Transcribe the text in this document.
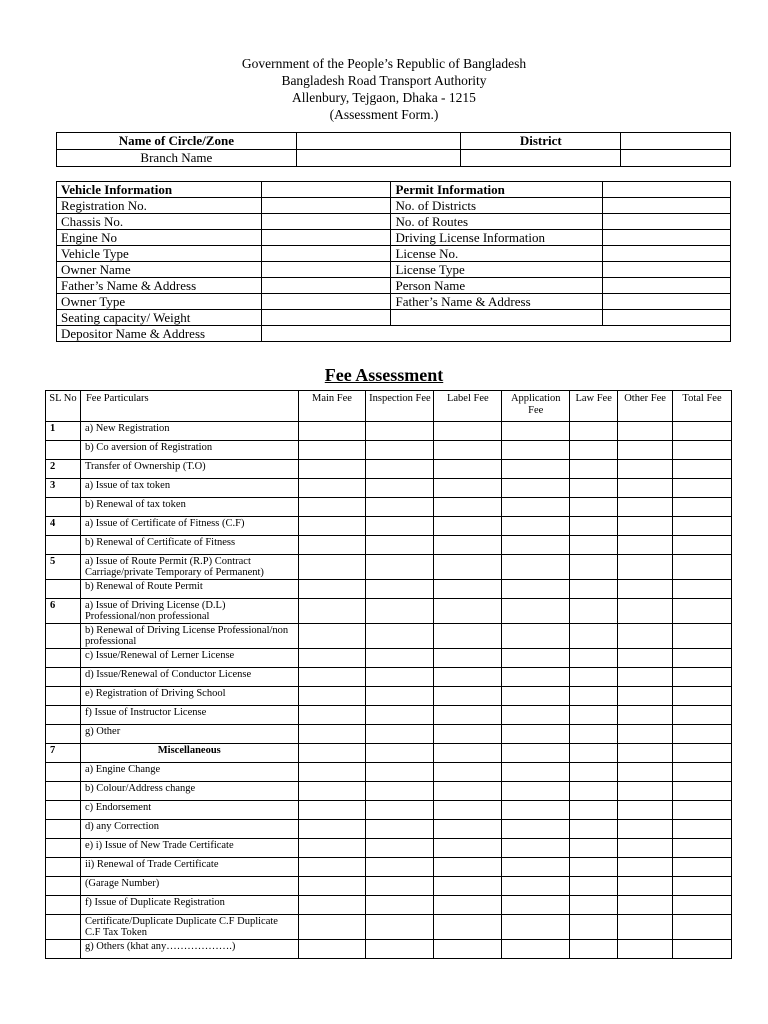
Government of the People’s Republic of Bangladesh
Bangladesh Road Transport Authority
Allenbury, Tejgaon, Dhaka - 1215
(Assessment Form.)
Name of Circle/Zone		District	
Branch Name			
Vehicle Information		Permit Information	
Registration No.		No. of Districts	
Chassis No.		No. of Routes	
Engine No		Driving License Information	
Vehicle Type		License No.	
Owner Name		License Type	
Father’s Name & Address		Person Name	
Owner Type		Father’s Name & Address	
Seating capacity/ Weight			
Depositor Name & Address			
Fee Assessment
SL No	Fee Particulars	Main Fee	Inspection Fee	Label Fee	Application Fee	Law Fee	Other Fee	Total Fee
1	a) New Registration							
	b) Co aversion of Registration							
2	Transfer of Ownership (T.O)							
3	a) Issue of tax token							
	b) Renewal of tax token							
4	a) Issue of Certificate of Fitness (C.F)							
	b) Renewal of Certificate of Fitness							
5	a) Issue of Route Permit (R.P) Contract Carriage/private Temporary of Permanent)							
	b) Renewal of Route Permit							
6	a) Issue of Driving License (D.L) Professional/non professional							
	b) Renewal of Driving License Professional/non professional							
	c) Issue/Renewal of Lerner License							
	d) Issue/Renewal of Conductor License							
	e) Registration of Driving School							
	f) Issue of Instructor License							
	g) Other							
7	Miscellaneous							
	a) Engine Change							
	b) Colour/Address change							
	c) Endorsement							
	d) any Correction							
	e) i) Issue of New Trade Certificate							
	ii) Renewal of Trade Certificate							
	(Garage Number)							
	f) Issue of Duplicate Registration							
	Certificate/Duplicate Duplicate C.F Duplicate C.F Tax Token							
	g) Others (khat any……………….)							
